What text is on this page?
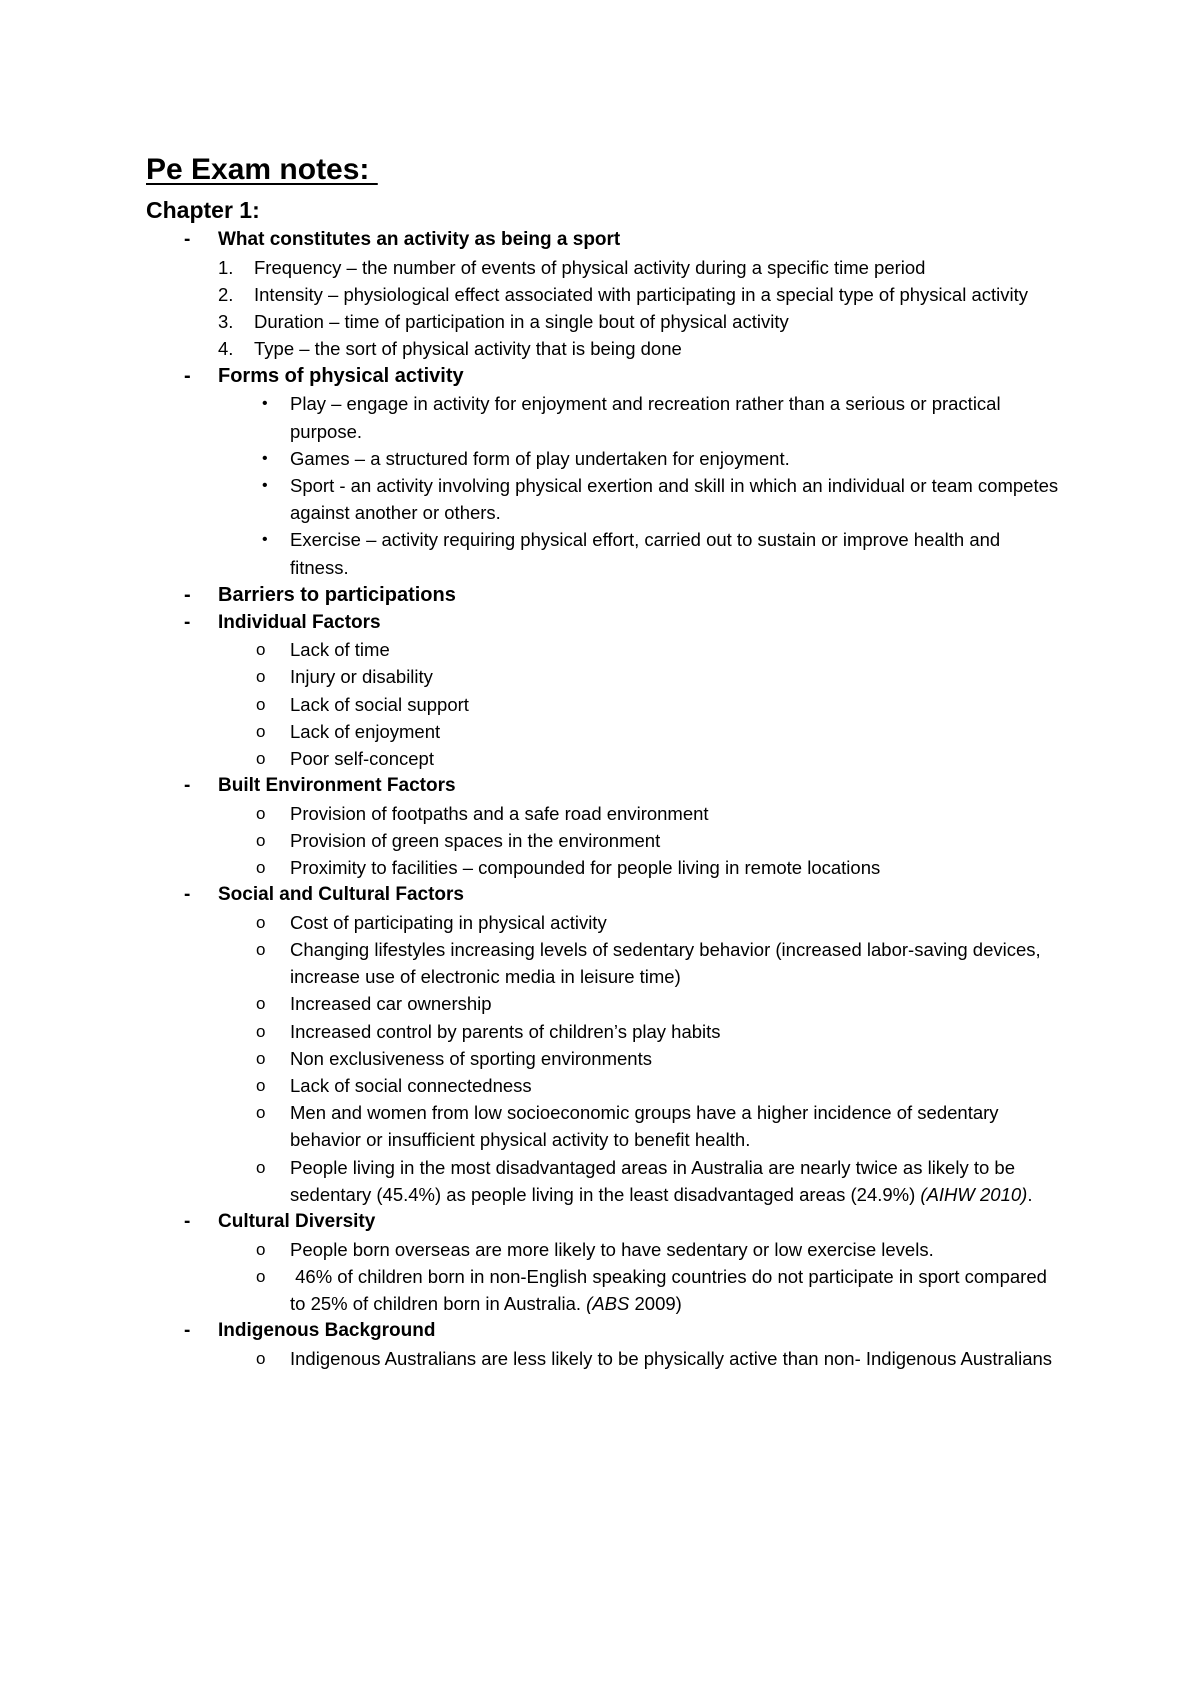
Pe Exam notes:
Chapter 1:
- What constitutes an activity as being a sport
1. Frequency – the number of events of physical activity during a specific time period
2. Intensity – physiological effect associated with participating in a special type of physical activity
3. Duration – time of participation in a single bout of physical activity
4. Type – the sort of physical activity that is being done
- Forms of physical activity
• Play – engage in activity for enjoyment and recreation rather than a serious or practical purpose.
• Games – a structured form of play undertaken for enjoyment.
• Sport - an activity involving physical exertion and skill in which an individual or team competes against another or others.
• Exercise – activity requiring physical effort, carried out to sustain or improve health and fitness.
- Barriers to participations
- Individual Factors
o Lack of time
o Injury or disability
o Lack of social support
o Lack of enjoyment
o Poor self-concept
- Built Environment Factors
o Provision of footpaths and a safe road environment
o Provision of green spaces in the environment
o Proximity to facilities – compounded for people living in remote locations
- Social and Cultural Factors
o Cost of participating in physical activity
o Changing lifestyles increasing levels of sedentary behavior (increased labor-saving devices, increase use of electronic media in leisure time)
o Increased car ownership
o Increased control by parents of children’s play habits
o Non exclusiveness of sporting environments
o Lack of social connectedness
o Men and women from low socioeconomic groups have a higher incidence of sedentary behavior or insufficient physical activity to benefit health.
o People living in the most disadvantaged areas in Australia are nearly twice as likely to be sedentary (45.4%) as people living in the least disadvantaged areas (24.9%) (AIHW 2010).
- Cultural Diversity
o People born overseas are more likely to have sedentary or low exercise levels.
o 46% of children born in non-English speaking countries do not participate in sport compared to 25% of children born in Australia. (ABS 2009)
- Indigenous Background
o Indigenous Australians are less likely to be physically active than non- Indigenous Australians
